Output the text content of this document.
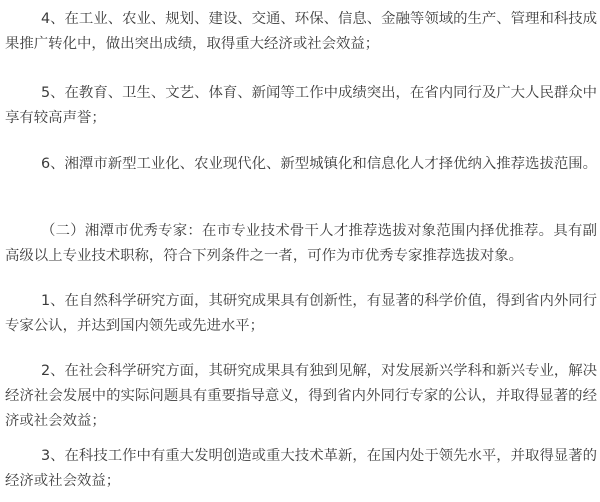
4、在工业、农业、规划、建设、交通、环保、信息、金融等领域的生产、管理和科技成果推广转化中，做出突出成绩，取得重大经济或社会效益；

5、在教育、卫生、文艺、体育、新闻等工作中成绩突出，在省内同行及广大人民群众中享有较高声誉；

6、湘潭市新型工业化、农业现代化、新型城镇化和信息化人才择优纳入推荐选拔范围。

（二）湘潭市优秀专家：在市专业技术骨干人才推荐选拔对象范围内择优推荐。具有副高级以上专业技术职称，符合下列条件之一者，可作为市优秀专家推荐选拔对象。

1、在自然科学研究方面，其研究成果具有创新性，有显著的科学价值，得到省内外同行专家公认，并达到国内领先或先进水平；

2、在社会科学研究方面，其研究成果具有独到见解，对发展新兴学科和新兴专业，解决经济社会发展中的实际问题具有重要指导意义，得到省内外同行专家的公认，并取得显著的经济或社会效益；

3、在科技工作中有重大发明创造或重大技术革新，在国内处于领先水平，并取得显著的经济或社会效益；
